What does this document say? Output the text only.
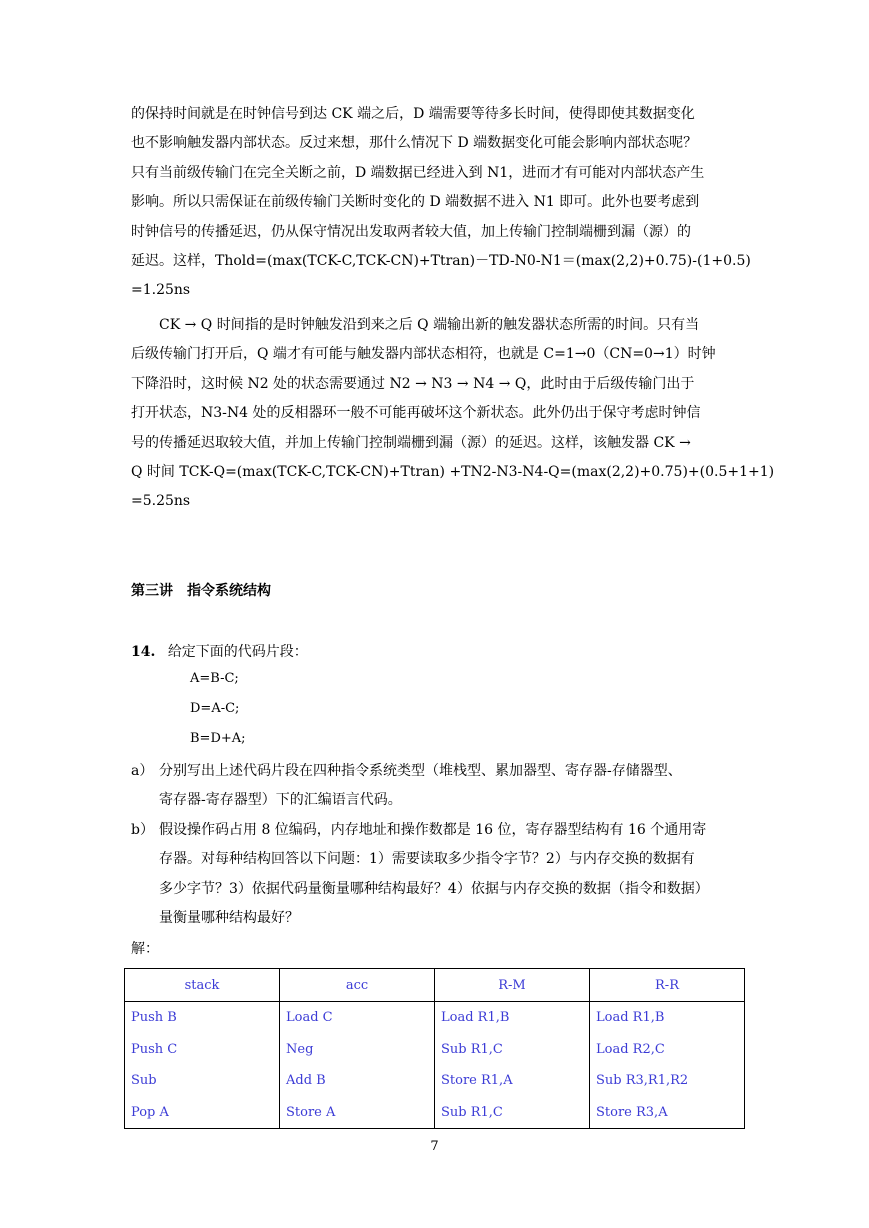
的保持时间就是在时钟信号到达 CK 端之后，D 端需要等待多长时间，使得即使其数据变化
也不影响触发器内部状态。反过来想，那什么情况下 D 端数据变化可能会影响内部状态呢？
只有当前级传输门在完全关断之前，D 端数据已经进入到 N1，进而才有可能对内部状态产生
影响。所以只需保证在前级传输门关断时变化的 D 端数据不进入 N1 即可。此外也要考虑到
时钟信号的传播延迟，仍从保守情况出发取两者较大值，加上传输门控制端栅到漏（源）的
延迟。这样，Thold=(max(TCK-C,TCK-CN)+Ttran)－TD-N0-N1＝(max(2,2)+0.75)-(1+0.5)
=1.25ns
CK → Q 时间指的是时钟触发沿到来之后 Q 端输出新的触发器状态所需的时间。只有当
后级传输门打开后，Q 端才有可能与触发器内部状态相符，也就是 C=1→0（CN=0→1）时钟
下降沿时，这时候 N2 处的状态需要通过 N2 → N3 → N4 → Q，此时由于后级传输门出于
打开状态，N3-N4 处的反相器环一般不可能再破坏这个新状态。此外仍出于保守考虑时钟信
号的传播延迟取较大值，并加上传输门控制端栅到漏（源）的延迟。这样，该触发器 CK →
Q 时间 TCK-Q=(max(TCK-C,TCK-CN)+Ttran) +TN2-N3-N4-Q=(max(2,2)+0.75)+(0.5+1+1)
=5.25ns
第三讲　指令系统结构
14. 给定下面的代码片段：
A=B-C;
D=A-C;
B=D+A;
a） 分别写出上述代码片段在四种指令系统类型（堆栈型、累加器型、寄存器-存储器型、
寄存器-寄存器型）下的汇编语言代码。
b） 假设操作码占用 8 位编码，内存地址和操作数都是 16 位，寄存器型结构有 16 个通用寄
存器。对每种结构回答以下问题：1）需要读取多少指令字节？2）与内存交换的数据有
多少字节？3）依据代码量衡量哪种结构最好？4）依据与内存交换的数据（指令和数据）
量衡量哪种结构最好？
解：
stack	acc	R-M	R-R
Push B	Load C	Load R1,B	Load R1,B
Push C	Neg	Sub R1,C	Load R2,C
Sub	Add B	Store R1,A	Sub R3,R1,R2
Pop A	Store A	Sub R1,C	Store R3,A
7
